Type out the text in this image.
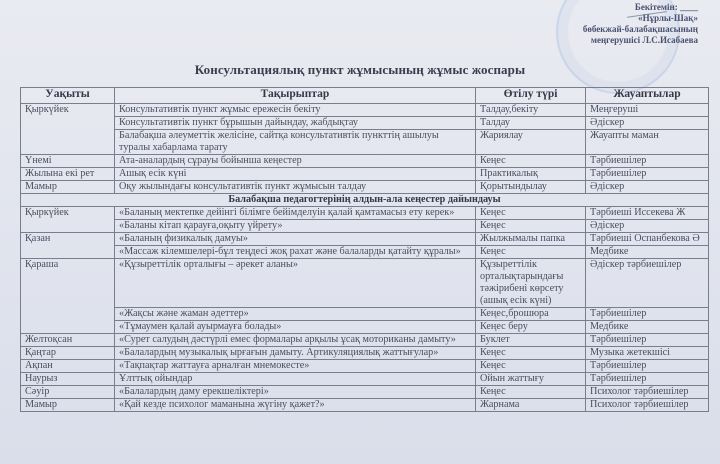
Бекітемін: ____
«Нұрлы-Шақ»
бөбекжай-балабақшасының
меңгерушісі Л.С.Исабаева
Консультациялық пункт жұмысының жұмыс жоспары
Уақыты	Тақырыптар	Өтілу түрі	Жауаптылар
Қыркүйек	Консультативтік пункт жұмыс ережесін бекіту	Талдау,бекіту	Меңгеруші
	Консультативтік пункт бұрышын дайындау, жабдықтау	Талдау	Әдіскер
	Балабақша әлеуметтік желісіне, сайтқа консультативтік пункттің ашылуы туралы хабарлама тарату	Жариялау	Жауапты маман
Үнемі	Ата-аналардың сұрауы бойынша кеңестер	Кеңес	Тәрбиешілер
Жылына екі рет	Ашық есік күні	Практикалық	Тәрбиешілер
Мамыр	Оқу жылындағы консультативтік пункт жұмысын талдау	Қорытындылау	Әдіскер
Балабақша педагогтерінің алдын-ала кеңестер дайындауы			
Қыркүйек	«Баланың мектепке дейінгі білімге бейімделуін қалай қамтамасыз ету керек»	Кеңес	Тәрбиеші Иссекева Ж
	«Баланы кітап қарауға,оқыту үйрету»	Кеңес	Әдіскер
Қазан	«Баланың физикалық дамуы»	Жылжымалы папка	Тәрбиеші Оспанбекова Ә
	«Массаж кілемшелері-бұл теңдесі жоқ рахат және балаларды қатайту құралы»	Кеңес	Медбике
Қараша	«Құзыреттілік орталығы – әрекет аланы»	Құзыреттілік орталықтарындағы тәжірибені көрсету (ашық есік күні)	Әдіскер тәрбиешілер
	«Жақсы және жаман әдеттер»	Кеңес,брошюра	Тәрбиешілер
	«Тұмаумен қалай ауырмауға болады»	Кеңес беру	Медбике
Желтоқсан	«Сурет салудың дәстүрлі емес формалары арқылы ұсақ моториканы дамыту»	Буклет	Тәрбиешілер
Қаңтар	«Балалардың музыкалық ырғағын дамыту. Артикуляциялық жаттығулар»	Кеңес	Музыка жетекшісі
Ақпан	«Тақпақтар жаттауға арналған мнемокесте»	Кеңес	Тәрбиешілер
Наурыз	Ұлттық ойындар	Ойын жаттығу	Тәрбиешілер
Сәуір	«Балалардың даму ерекшеліктері»	Кеңес	Психолог тәрбиешілер
Мамыр	«Қай кезде психолог маманына жүгіну қажет?»	Жарнама	Психолог тәрбиешілер
